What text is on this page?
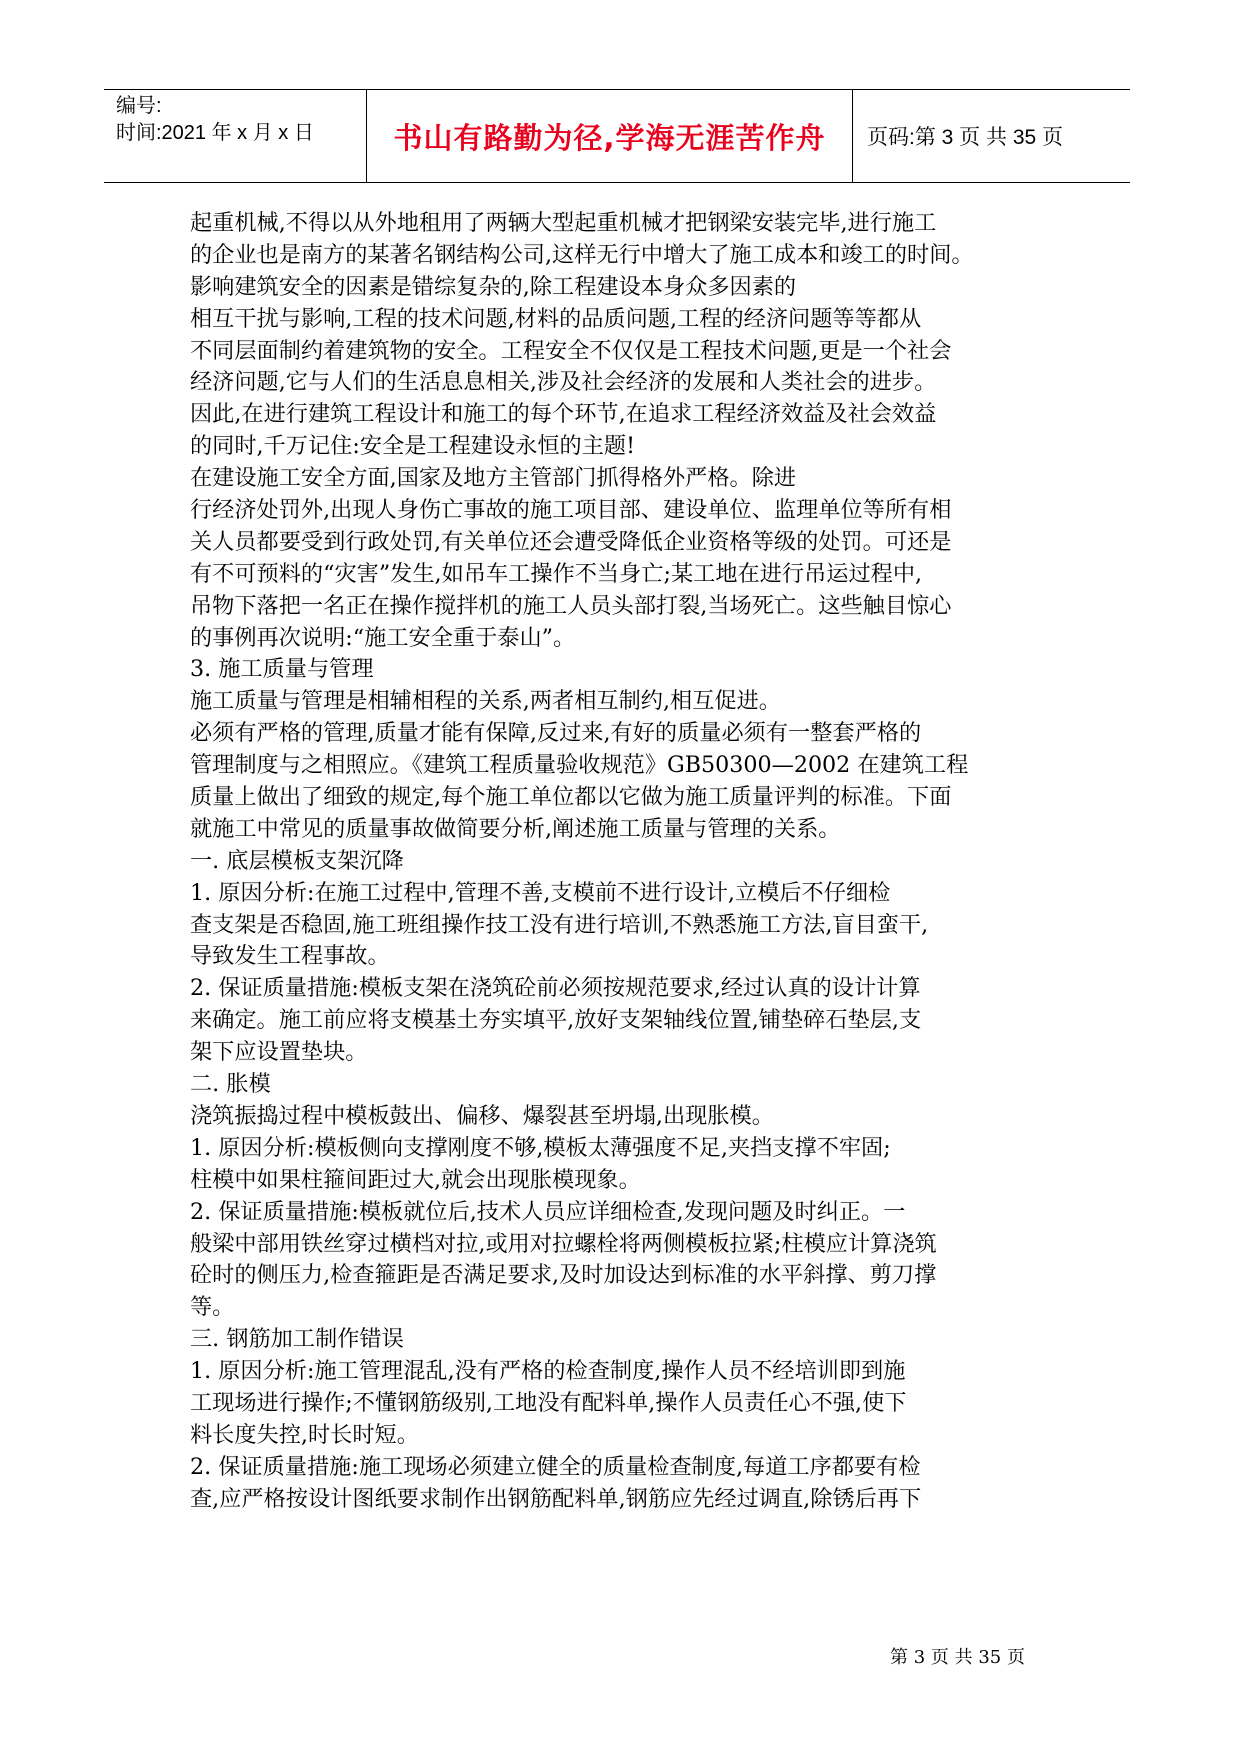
编号:
时间:2021 年 x 月 x 日	书山有路勤为径,学海无涯苦作舟	页码:第 3 页 共 35 页
起重机械,不得以从外地租用了两辆大型起重机械才把钢梁安装完毕,进行施工
的企业也是南方的某著名钢结构公司,这样无行中增大了施工成本和竣工的时间。
影响建筑安全的因素是错综复杂的,除工程建设本身众多因素的
相互干扰与影响,工程的技术问题,材料的品质问题,工程的经济问题等等都从
不同层面制约着建筑物的安全。工程安全不仅仅是工程技术问题,更是一个社会
经济问题,它与人们的生活息息相关,涉及社会经济的发展和人类社会的进步。
因此,在进行建筑工程设计和施工的每个环节,在追求工程经济效益及社会效益
的同时,千万记住:安全是工程建设永恒的主题!
在建设施工安全方面,国家及地方主管部门抓得格外严格。除进
行经济处罚外,出现人身伤亡事故的施工项目部、建设单位、监理单位等所有相
关人员都要受到行政处罚,有关单位还会遭受降低企业资格等级的处罚。可还是
有不可预料的“灾害”发生,如吊车工操作不当身亡;某工地在进行吊运过程中,
吊物下落把一名正在操作搅拌机的施工人员头部打裂,当场死亡。这些触目惊心
的事例再次说明:“施工安全重于泰山”。
3. 施工质量与管理
施工质量与管理是相辅相程的关系,两者相互制约,相互促进。
必须有严格的管理,质量才能有保障,反过来,有好的质量必须有一整套严格的
管理制度与之相照应。《建筑工程质量验收规范》GB50300—2002 在建筑工程
质量上做出了细致的规定,每个施工单位都以它做为施工质量评判的标准。下面
就施工中常见的质量事故做简要分析,阐述施工质量与管理的关系。
一. 底层模板支架沉降
1. 原因分析:在施工过程中,管理不善,支模前不进行设计,立模后不仔细检
查支架是否稳固,施工班组操作技工没有进行培训,不熟悉施工方法,盲目蛮干,
导致发生工程事故。
2. 保证质量措施:模板支架在浇筑砼前必须按规范要求,经过认真的设计计算
来确定。施工前应将支模基土夯实填平,放好支架轴线位置,铺垫碎石垫层,支
架下应设置垫块。
二. 胀模
浇筑振捣过程中模板鼓出、偏移、爆裂甚至坍塌,出现胀模。
1. 原因分析:模板侧向支撑刚度不够,模板太薄强度不足,夹挡支撑不牢固;
柱模中如果柱箍间距过大,就会出现胀模现象。
2. 保证质量措施:模板就位后,技术人员应详细检查,发现问题及时纠正。一
般梁中部用铁丝穿过横档对拉,或用对拉螺栓将两侧模板拉紧;柱模应计算浇筑
砼时的侧压力,检查箍距是否满足要求,及时加设达到标准的水平斜撑、剪刀撑
等。
三. 钢筋加工制作错误
1. 原因分析:施工管理混乱,没有严格的检查制度,操作人员不经培训即到施
工现场进行操作;不懂钢筋级别,工地没有配料单,操作人员责任心不强,使下
料长度失控,时长时短。
2. 保证质量措施:施工现场必须建立健全的质量检查制度,每道工序都要有检
查,应严格按设计图纸要求制作出钢筋配料单,钢筋应先经过调直,除锈后再下
第 3 页 共 35 页
